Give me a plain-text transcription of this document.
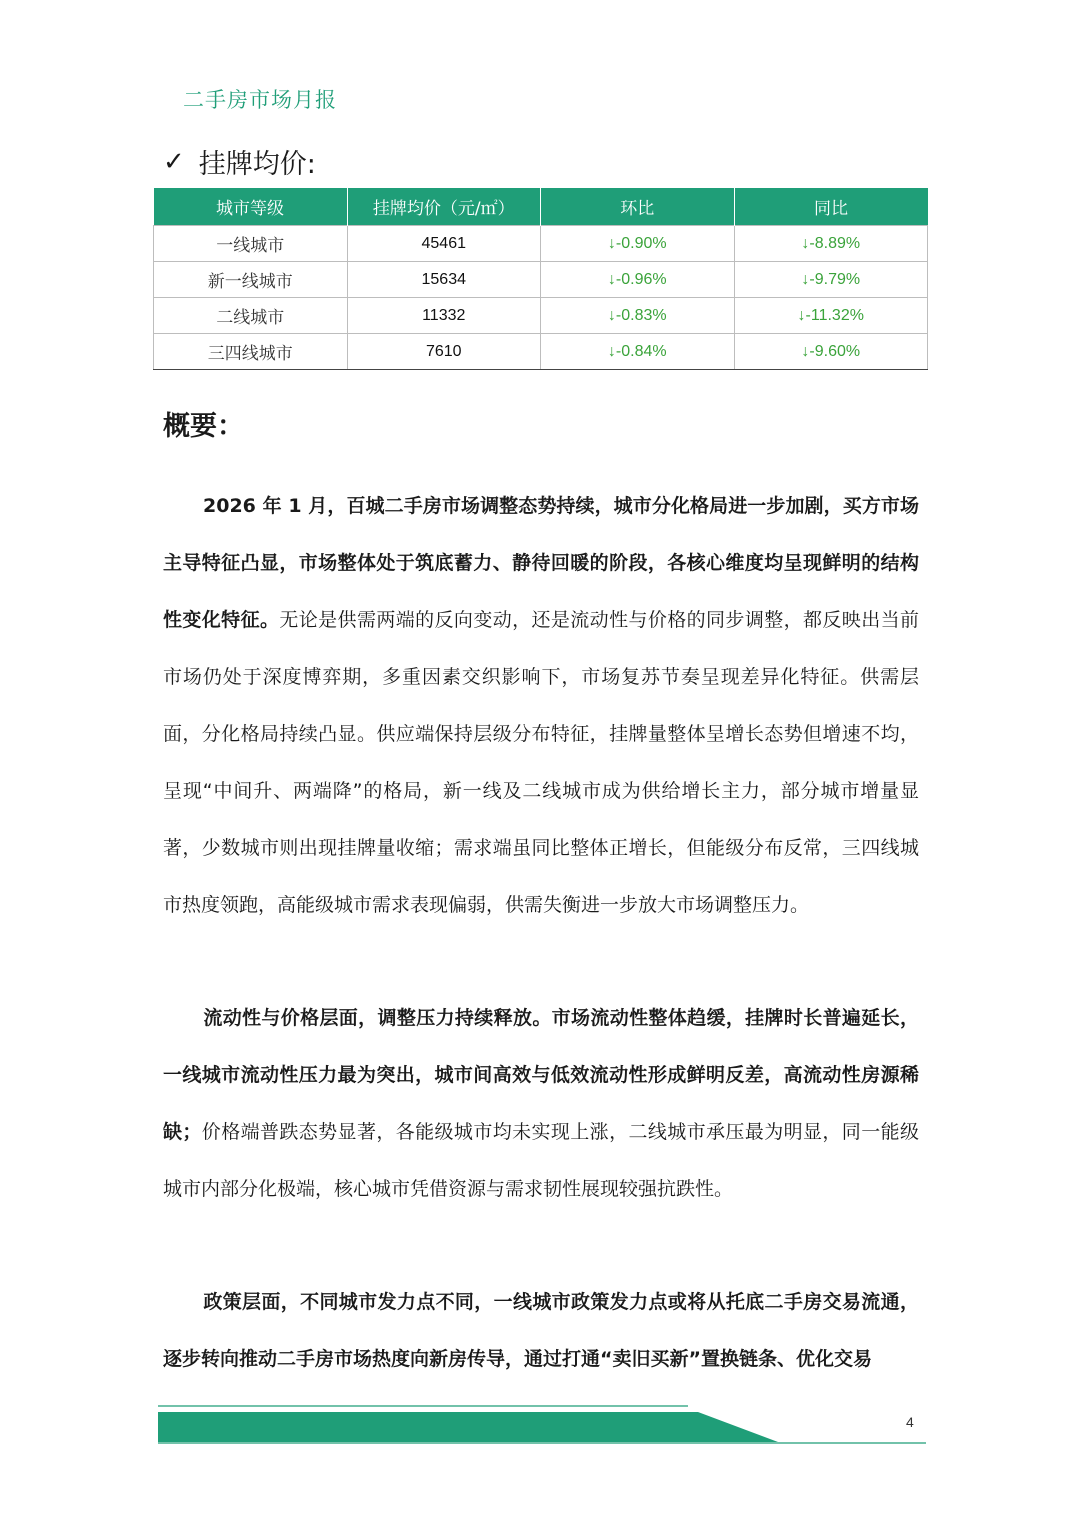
二手房市场月报
✓ 挂牌均价:
城市等级	挂牌均价（元/㎡）	环比	同比
一线城市	45461	↓-0.90%	↓-8.89%
新一线城市	15634	↓-0.96%	↓-9.79%
二线城市	11332	↓-0.83%	↓-11.32%
三四线城市	7610	↓-0.84%	↓-9.60%
概要：

2026 年 1 月，百城二手房市场调整态势持续，城市分化格局进一步加剧，买方市场主导特征凸显，市场整体处于筑底蓄力、静待回暖的阶段，各核心维度均呈现鲜明的结构性变化特征。无论是供需两端的反向变动，还是流动性与价格的同步调整，都反映出当前市场仍处于深度博弈期，多重因素交织影响下，市场复苏节奏呈现差异化特征。供需层面，分化格局持续凸显。供应端保持层级分布特征，挂牌量整体呈增长态势但增速不均，呈现“中间升、两端降”的格局，新一线及二线城市成为供给增长主力，部分城市增量显著，少数城市则出现挂牌量收缩；需求端虽同比整体正增长，但能级分布反常，三四线城市热度领跑，高能级城市需求表现偏弱，供需失衡进一步放大市场调整压力。

流动性与价格层面，调整压力持续释放。市场流动性整体趋缓，挂牌时长普遍延长，一线城市流动性压力最为突出，城市间高效与低效流动性形成鲜明反差，高流动性房源稀缺；价格端普跌态势显著，各能级城市均未实现上涨，二线城市承压最为明显，同一能级城市内部分化极端，核心城市凭借资源与需求韧性展现较强抗跌性。

政策层面，不同城市发力点不同，一线城市政策发力点或将从托底二手房交易流通，逐步转向推动二手房市场热度向新房传导，通过打通“卖旧买新”置换链条、优化交易

4
